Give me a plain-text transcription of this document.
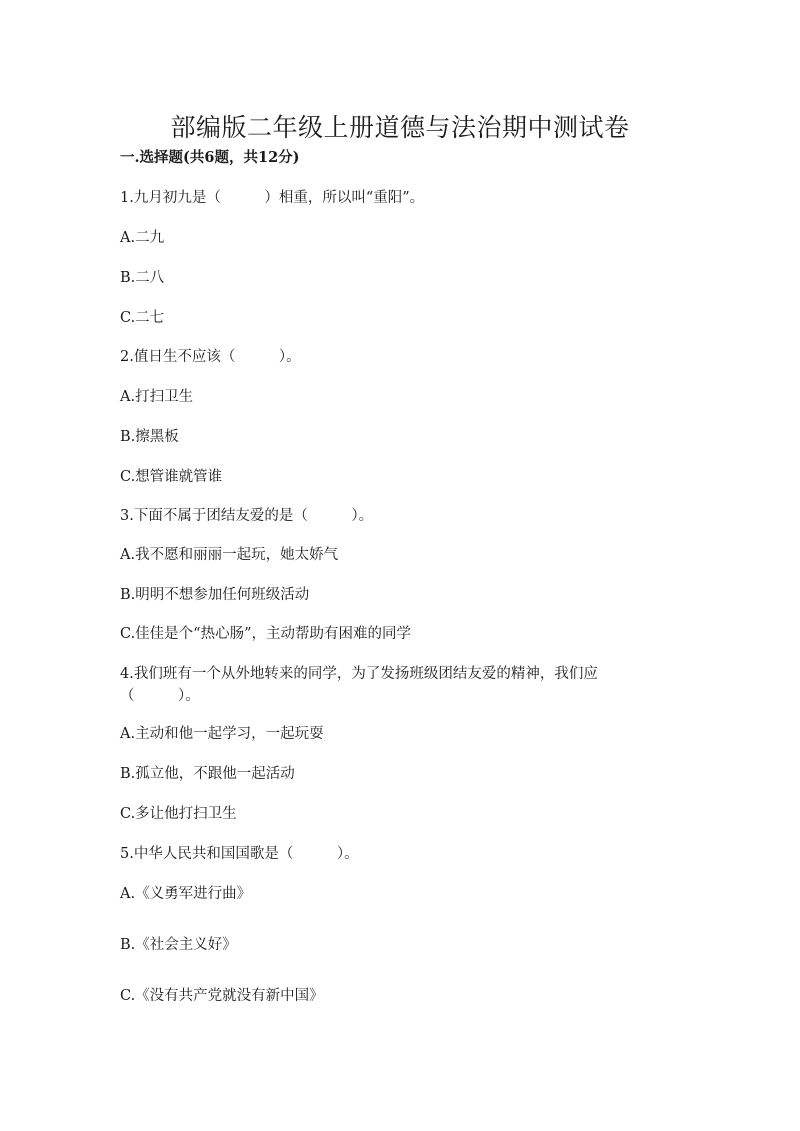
部编版二年级上册道德与法治期中测试卷
一.选择题(共6题，共12分)
1.九月初九是（　　　）相重，所以叫“重阳”。
A.二九
B.二八
C.二七
2.值日生不应该（　　　）。
A.打扫卫生
B.擦黑板
C.想管谁就管谁
3.下面不属于团结友爱的是（　　　）。
A.我不愿和丽丽一起玩，她太娇气
B.明明不想参加任何班级活动
C.佳佳是个“热心肠”，主动帮助有困难的同学
4.我们班有一个从外地转来的同学，为了发扬班级团结友爱的精神，我们应（　　　）。
A.主动和他一起学习，一起玩耍
B.孤立他，不跟他一起活动
C.多让他打扫卫生
5.中华人民共和国国歌是（　　　）。
A.《义勇军进行曲》
B.《社会主义好》
C.《没有共产党就没有新中国》
